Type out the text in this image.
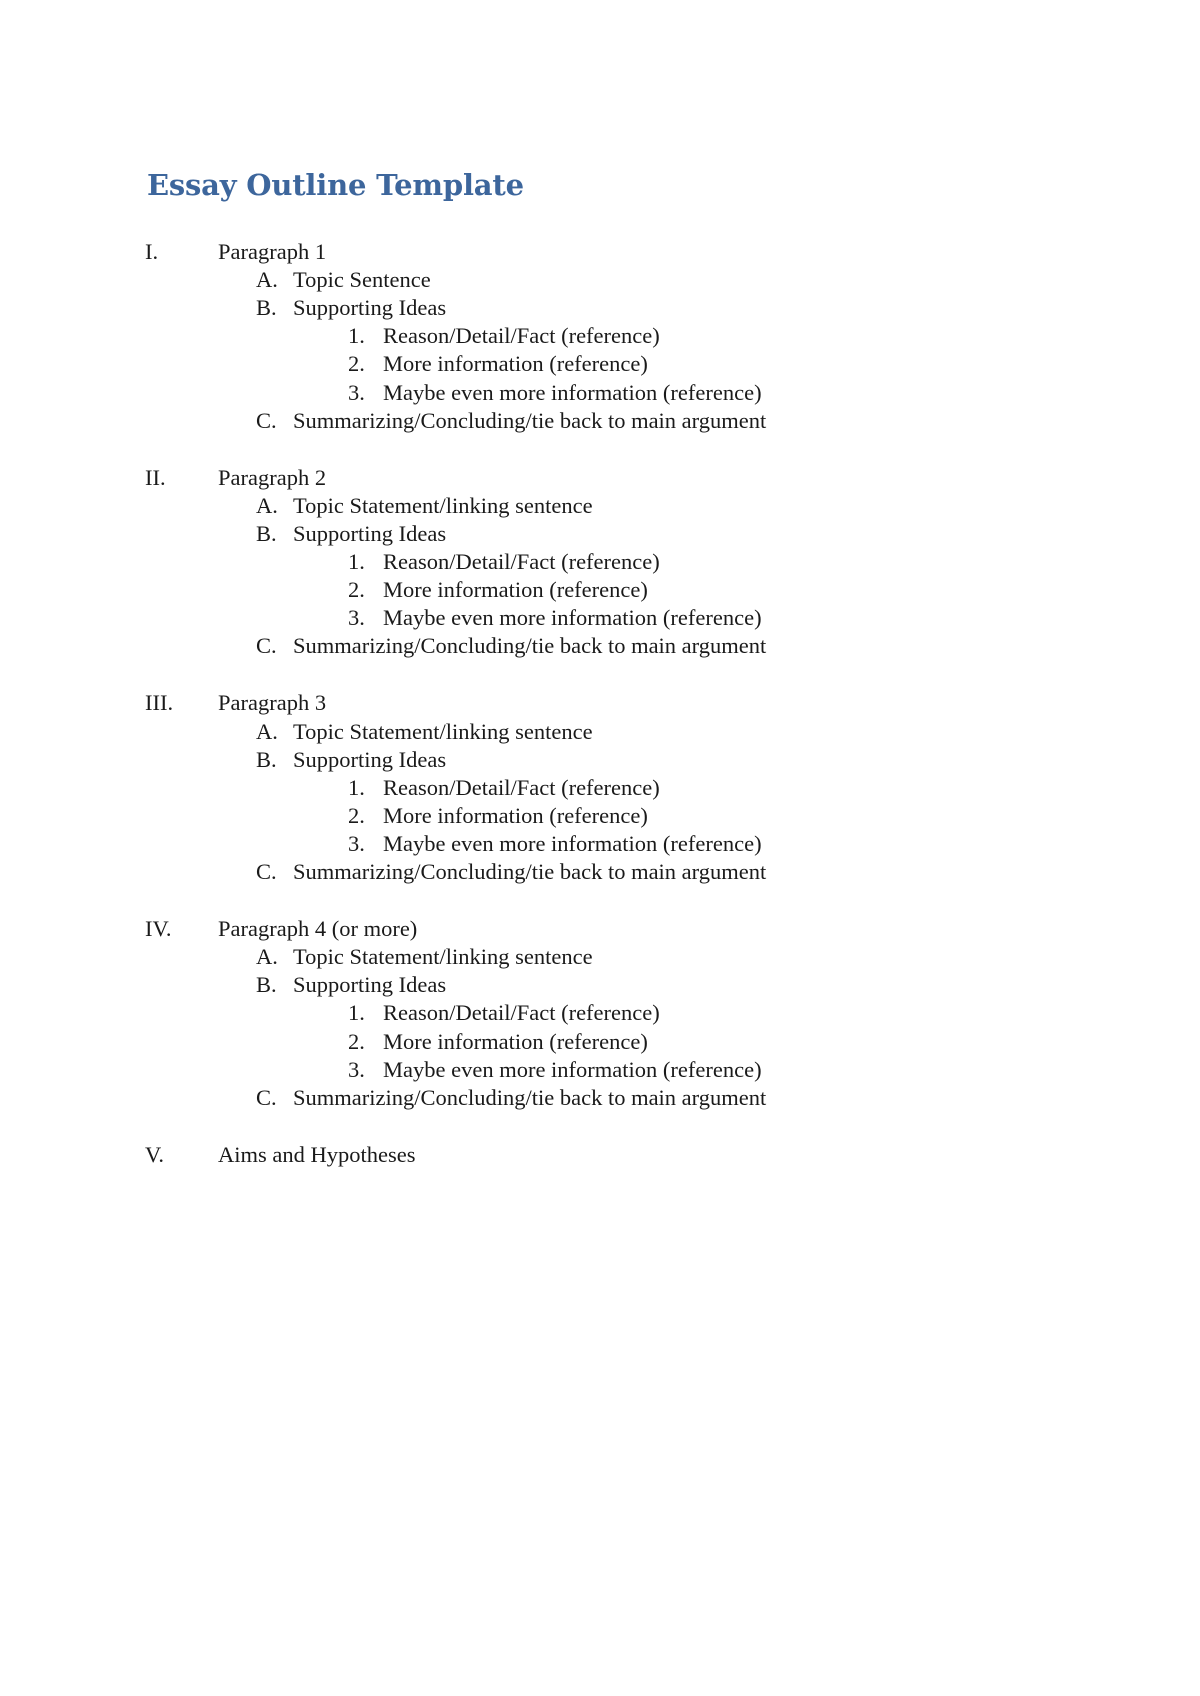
Essay Outline Template
I.	Paragraph 1
A. Topic Sentence
B. Supporting Ideas
1. Reason/Detail/Fact (reference)
2. More information (reference)
3. Maybe even more information (reference)
C. Summarizing/Concluding/tie back to main argument
II. Paragraph 2
A. Topic Statement/linking sentence
B. Supporting Ideas
1. Reason/Detail/Fact (reference)
2. More information (reference)
3. Maybe even more information (reference)
C. Summarizing/Concluding/tie back to main argument
III. Paragraph 3
A. Topic Statement/linking sentence
B. Supporting Ideas
1. Reason/Detail/Fact (reference)
2. More information (reference)
3. Maybe even more information (reference)
C. Summarizing/Concluding/tie back to main argument
IV. Paragraph 4 (or more)
A. Topic Statement/linking sentence
B. Supporting Ideas
1. Reason/Detail/Fact (reference)
2. More information (reference)
3. Maybe even more information (reference)
C. Summarizing/Concluding/tie back to main argument
V. Aims and Hypotheses
